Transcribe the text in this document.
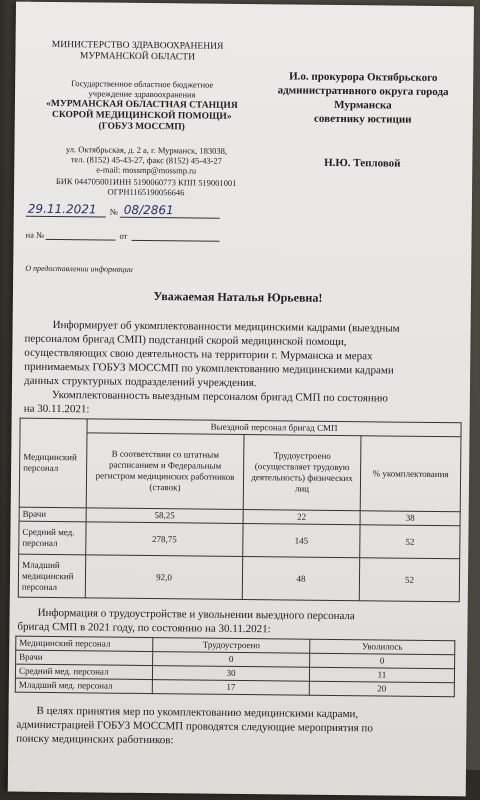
МИНИСТЕРСТВО ЗДРАВООХРАНЕНИЯ
МУРМАНСКОЙ ОБЛАСТИ
Государственное областное бюджетное
учреждение здравоохранения
«МУРМАНСКАЯ ОБЛАСТНАЯ СТАНЦИЯ
СКОРОЙ МЕДИЦИНСКОЙ ПОМОЩИ»
(ГОБУЗ МОССМП)
ул. Октябрьская, д. 2 а, г. Мурманск, 183038,
тел. (8152) 45-43-27, факс (8152) 45-43-27
e-mail: mossmp@mossmp.ru
БИК 044705001ИНН 5190060773 КПП 519001001
ОГРН1165190056646
29.11.2021 № 08/2861
на №	от
О предоставлении информации
И.о. прокурора Октябрьского
административного округа города
Мурманска
советнику юстиции
Н.Ю. Тепловой
Уважаемая Наталья Юрьевна!
Информирует об укомплектованности медицинскими кадрами (выездным
персоналом бригад СМП) подстанций скорой медицинской помощи,
осуществляющих свою деятельность на территории г. Мурманска и мерах
принимаемых ГОБУЗ МОССМП по укомплектованию медицинскими кадрами
данных структурных подразделений учреждения.
Укомплектованность выездным персоналом бригад СМП по состоянию
на 30.11.2021:
Медицинский персонал	Выездной персонал бригад СМП		
	В соответствии со штатным расписанием и Федеральным регистром медицинских работников (ставок)	Трудоустроено (осуществляет трудовую деятельность) физических лиц	% укомплектования
Врачи	58,25	22	38
Средний мед. персонал	278,75	145	52
Младший медицинский персонал	92,0	48	52
Информация о трудоустройстве и увольнении выездного персонала
бригад СМП в 2021 году, по состоянию на 30.11.2021:
Медицинский персонал	Трудоустроено	Уволилось
Врачи	0	0
Средний мед. персонал	30	11
Младший мед. персонал	17	20
В целях принятия мер по укомплектованию медицинскими кадрами,
администрацией ГОБУЗ МОССМП проводятся следующие мероприятия по
поиску медицинских работников:
